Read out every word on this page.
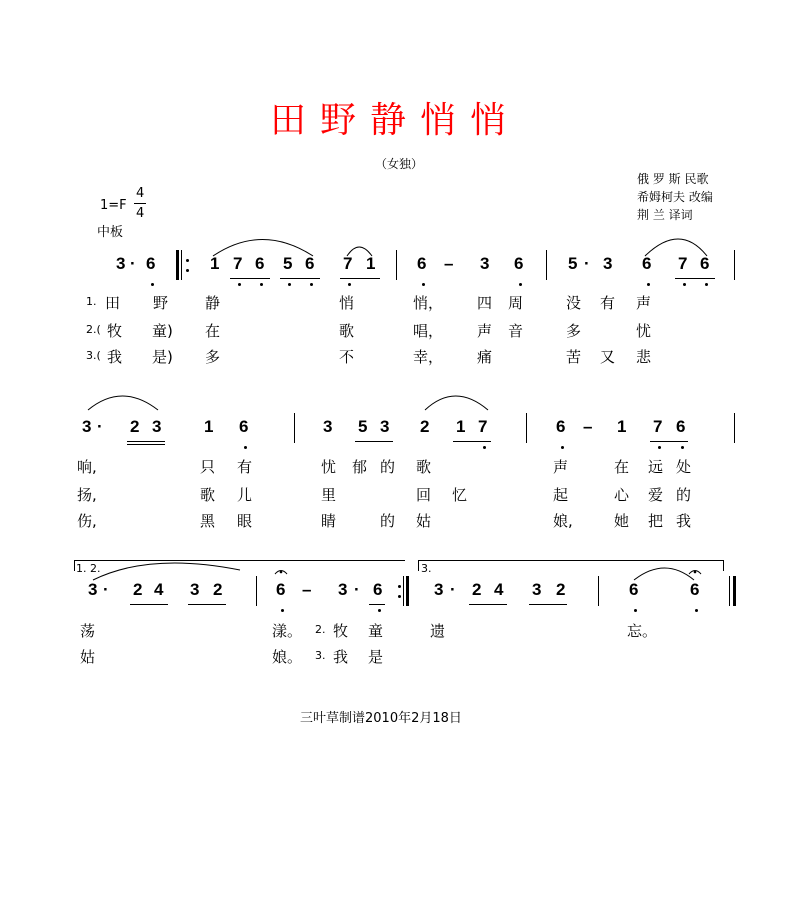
田野静悄悄
（女独）
俄 罗 斯 民歌
希姆柯夫 改编
荆 兰 译词
1=F
4
4
中板
3 · 6	1 7 6 5 6 7 1 6 – 3 6	5 · 3 6 7 6
1. 田 野 静	悄	悄， 四 周	没 有 声
2.( 牧 童) 在	歌	唱， 声 音	多	忧
3.( 我 是) 多	不	幸， 痛	苦 又 悲
3 · 2 3	1 6	3 5 3 2 1 7	6 – 1 7 6
响,	只 有	忧 郁 的 歌	声	在 远 处
扬,	歌 儿	里	回 忆	起	心 爱 的
伤,	黑 眼	睛	的 姑	娘,	她 把 我
1. 2.	3.
3 · 2 4 3 2	6 – 3 · 6	3 · 2 4 3 2	6	6
荡	漾。 2. 牧 童	遗	忘。
姑	娘。 3. 我 是
三叶草制谱2010年2月18日
